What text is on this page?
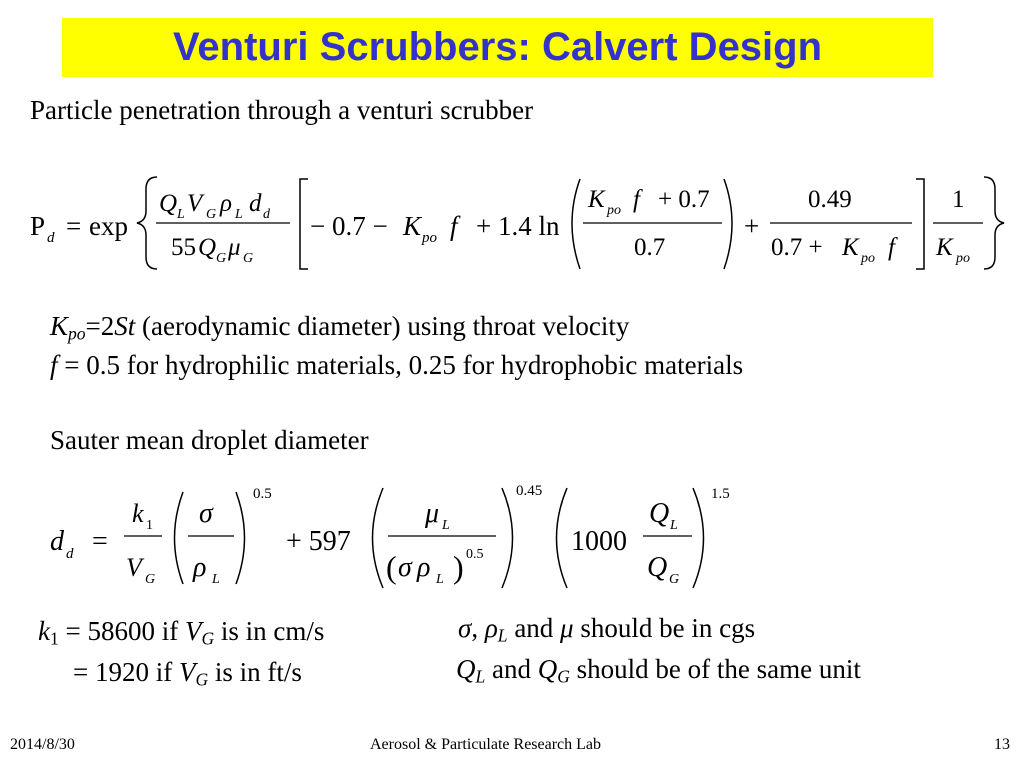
Venturi Scrubbers: Calvert Design
Particle penetration through a venturi scrubber
P d = exp
Q L V G ρ L d d
55 Q G μ G
− 0.7 − K po f + 1.4 ln
K po f + 0.7
0.7
+
0.49
0.7 + K po f
1
K po
$K_{po}=2St$ (aerodynamic diameter) using throat velocity
f = 0.5 for hydrophilic materials, 0.25 for hydrophobic materials
Sauter mean droplet diameter
d d =
k 1
V G
σ
ρ L
0.5
+ 597
μ L
( σ ρ L ) 0.5
0.45
1000
Q L
Q G
1.5
$k_1 = 58600$ if $V_G$ is in cm/s
= 1920 if $V_G$ is in ft/s
σ, $\rho_L$ and μ should be in cgs
$Q_L$ and $Q_G$ should be of the same unit
2014/8/30	Aerosol & Particulate Research Lab	13
